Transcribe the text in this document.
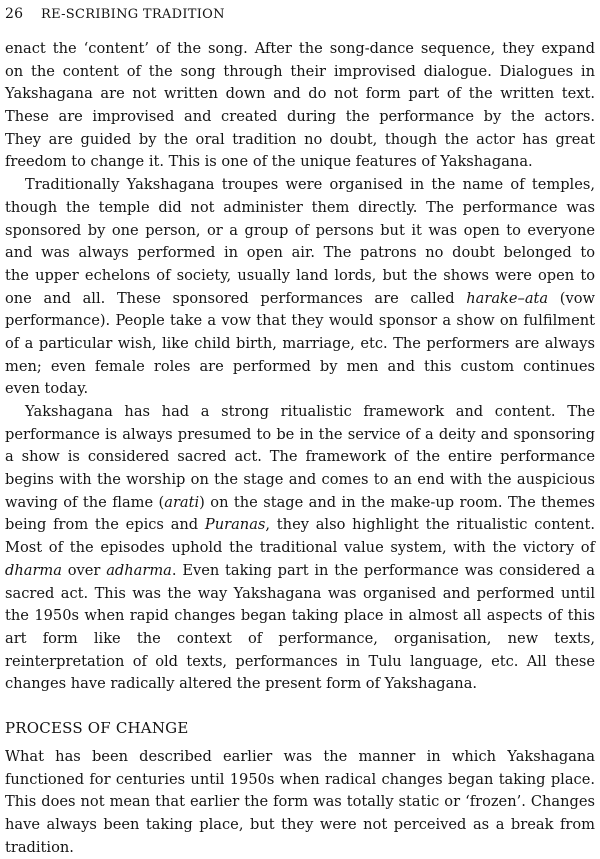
26 RE-SCRIBING TRADITION
enact the ‘content’ of the song. After the song-dance sequence, they expand
on the content of the song through their improvised dialogue. Dialogues in
Yakshagana are not written down and do not form part of the written text.
These are improvised and created during the performance by the actors.
They are guided by the oral tradition no doubt, though the actor has great
freedom to change it. This is one of the unique features of Yakshagana.
Traditionally Yakshagana troupes were organised in the name of temples,
though the temple did not administer them directly. The performance was
sponsored by one person, or a group of persons but it was open to everyone
and was always performed in open air. The patrons no doubt belonged to
the upper echelons of society, usually land lords, but the shows were open to
one and all. These sponsored performances are called harake–ata (vow
performance). People take a vow that they would sponsor a show on fulfilment
of a particular wish, like child birth, marriage, etc. The performers are always
men; even female roles are performed by men and this custom continues
even today.
Yakshagana has had a strong ritualistic framework and content. The
performance is always presumed to be in the service of a deity and sponsoring
a show is considered sacred act. The framework of the entire performance
begins with the worship on the stage and comes to an end with the auspicious
waving of the flame (arati) on the stage and in the make-up room. The themes
being from the epics and Puranas, they also highlight the ritualistic content.
Most of the episodes uphold the traditional value system, with the victory of
dharma over adharma. Even taking part in the performance was considered a
sacred act. This was the way Yakshagana was organised and performed until
the 1950s when rapid changes began taking place in almost all aspects of this
art form like the context of performance, organisation, new texts,
reinterpretation of old texts, performances in Tulu language, etc. All these
changes have radically altered the present form of Yakshagana.
PROCESS OF CHANGE
What has been described earlier was the manner in which Yakshagana
functioned for centuries until 1950s when radical changes began taking place.
This does not mean that earlier the form was totally static or ‘frozen’. Changes
have always been taking place, but they were not perceived as a break from
tradition.
